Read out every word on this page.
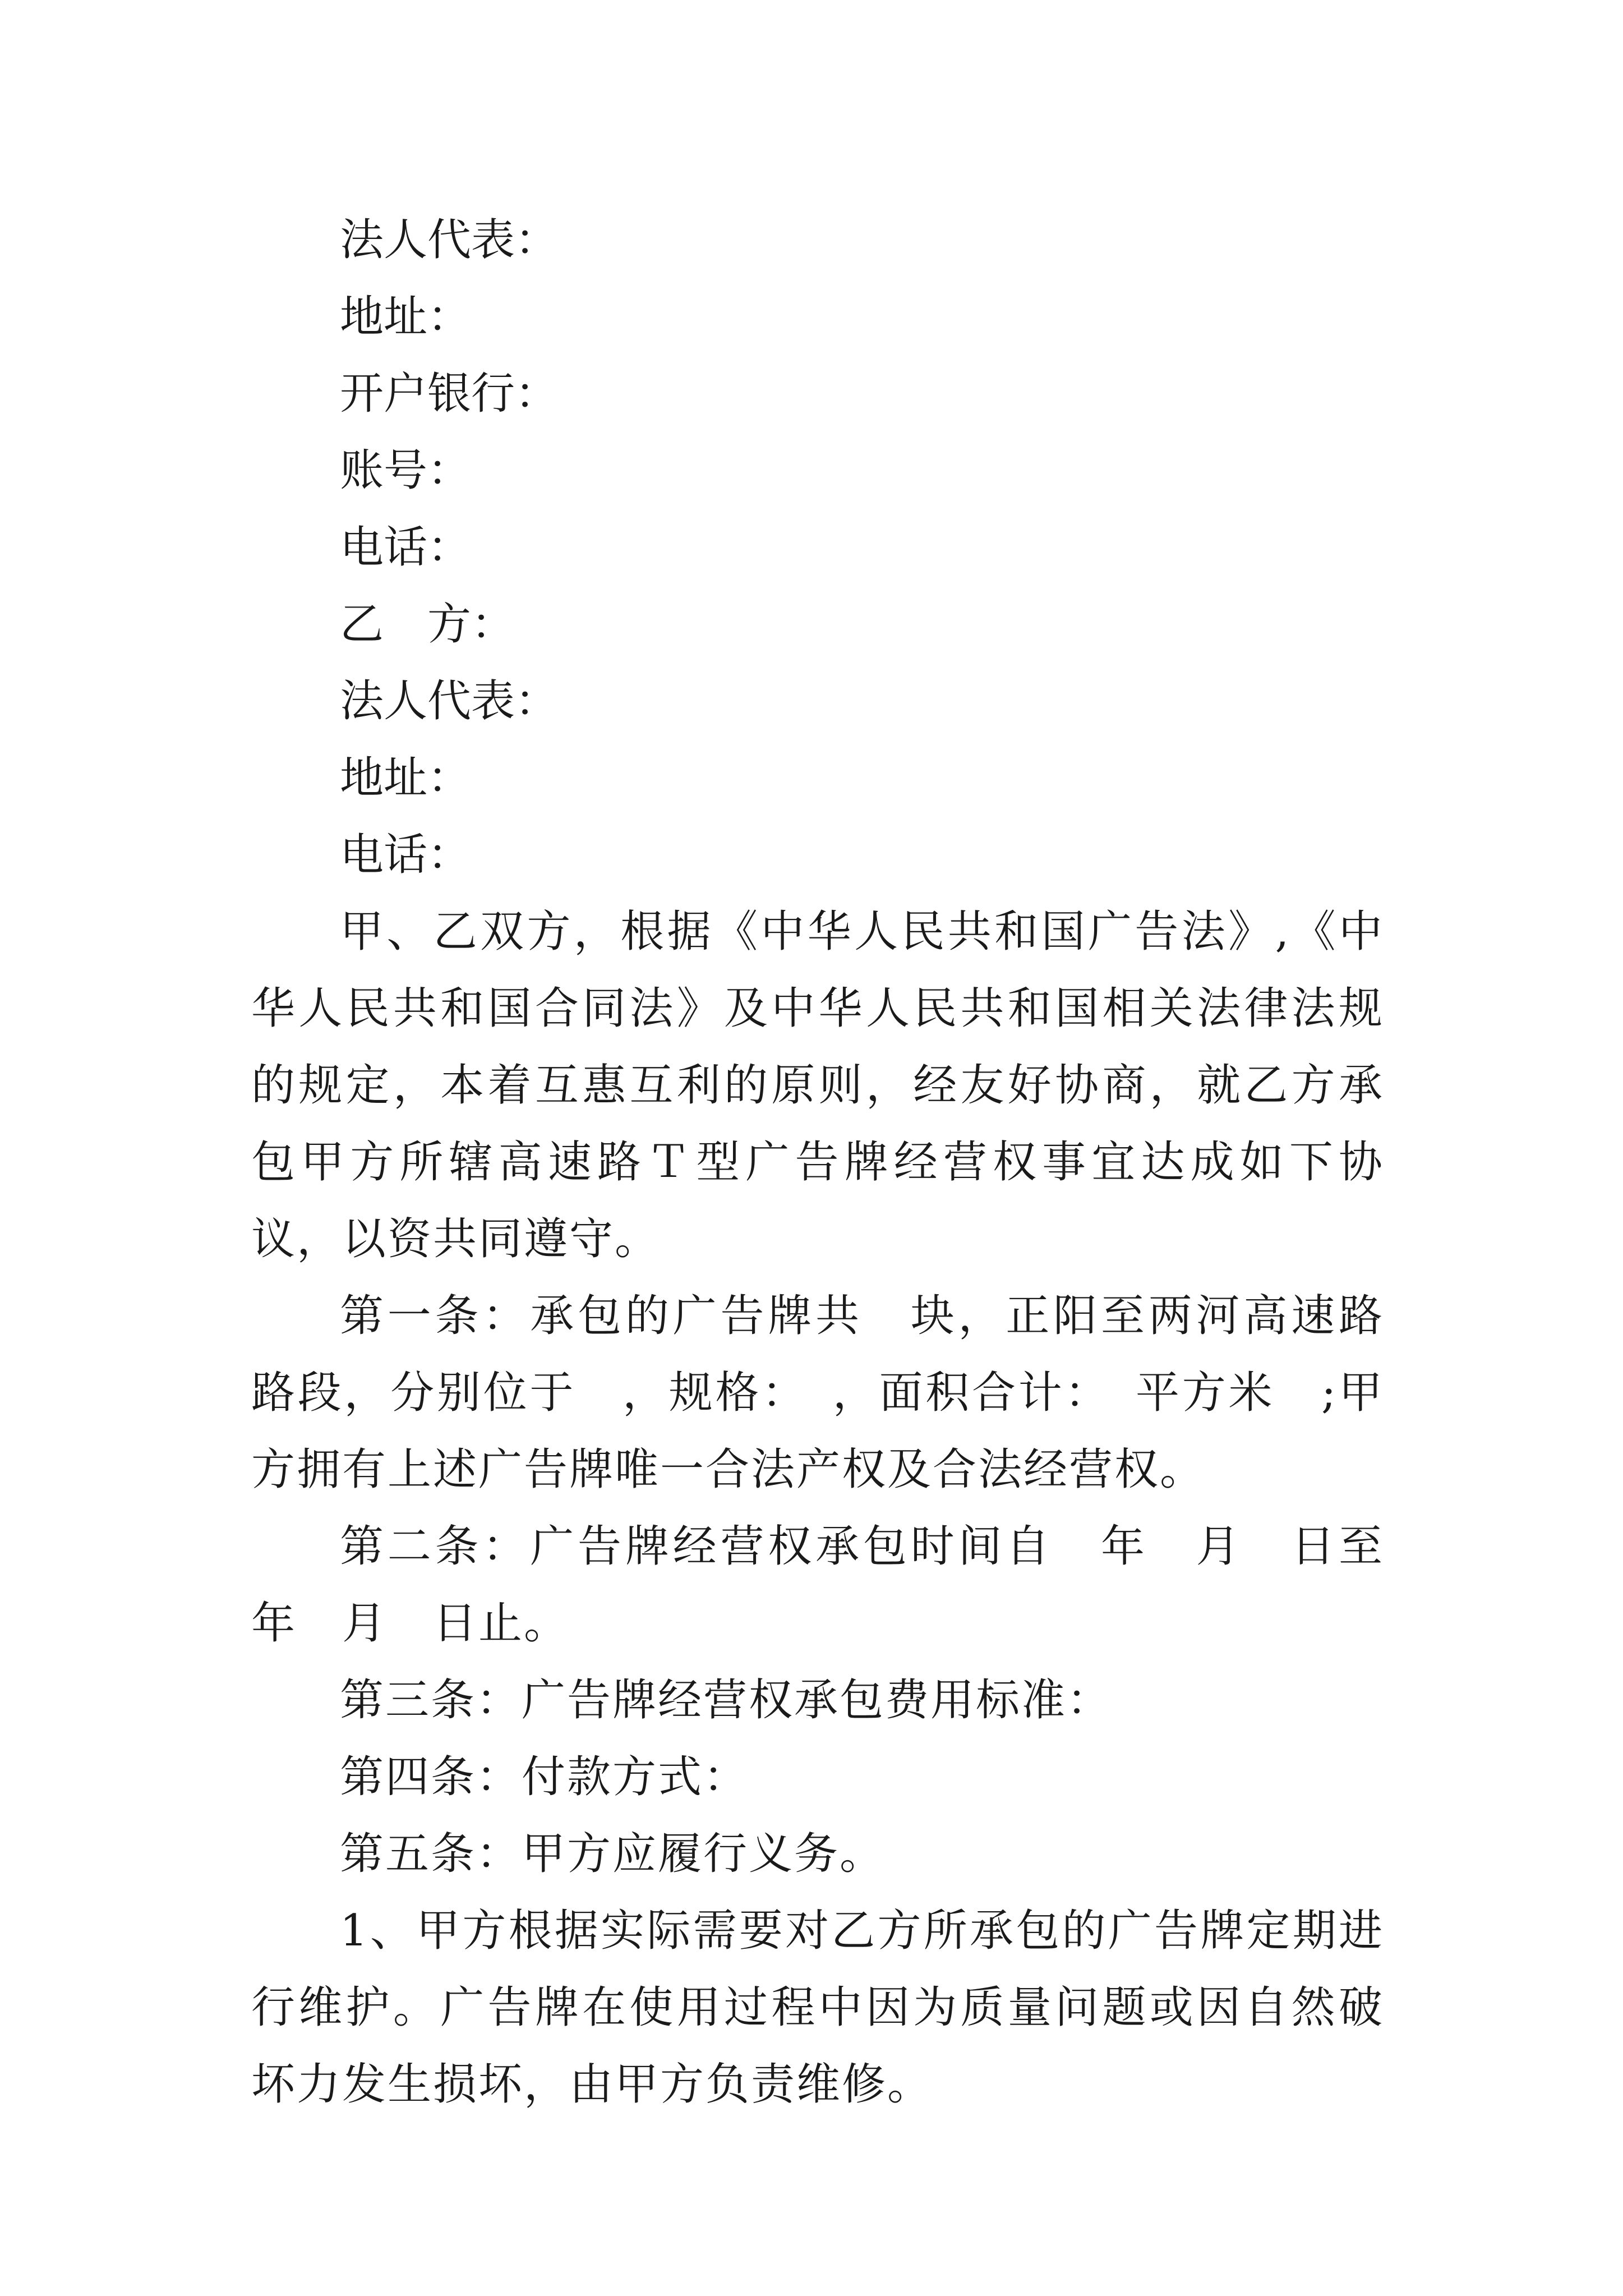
法人代表：

地址：

开户银行：

账号：

电话：

乙　方：

法人代表：

地址：

电话：

甲、乙双方，根据《中华人民共和国广告法》,《中华人民共和国合同法》及中华人民共和国相关法律法规的规定，本着互惠互利的原则，经友好协商，就乙方承包甲方所辖高速路Ｔ型广告牌经营权事宜达成如下协议，以资共同遵守。

第一条：承包的广告牌共　块，正阳至两河高速路路段，分别位于　，规格：　，面积合计：　平方米　;甲方拥有上述广告牌唯一合法产权及合法经营权。

第二条：广告牌经营权承包时间自　年　月　日至　年　月　日止。

第三条：广告牌经营权承包费用标准：

第四条：付款方式：

第五条：甲方应履行义务。

1、甲方根据实际需要对乙方所承包的广告牌定期进行维护。广告牌在使用过程中因为质量问题或因自然破坏力发生损坏，由甲方负责维修。
